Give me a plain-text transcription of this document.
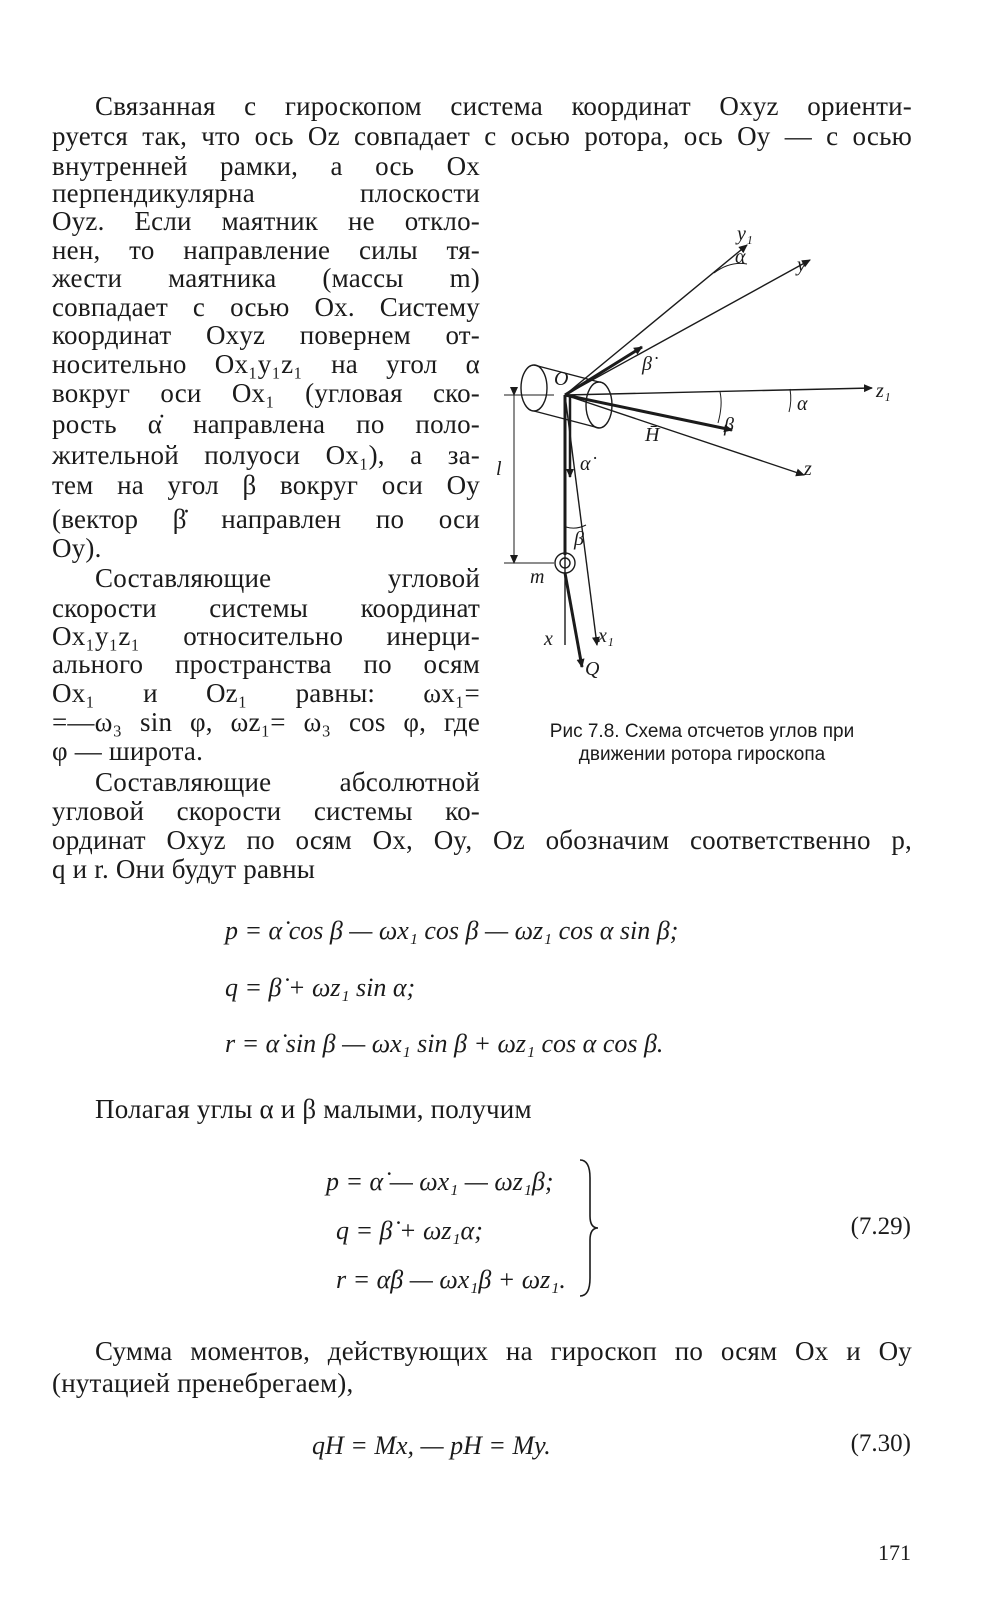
Связанная с гироскопом система координат Oxyz ориенти-
руется так, что ось Oz совпадает с осью ротора, ось Oy — с осью
внутренней рамки, а ось Ox
перпендикулярна плоскости
Oyz. Если маятник не откло-
нен, то направление силы тя-
жести маятника (массы m)
совпадает с осью Ox. Систему
координат Oxyz повернем от-
носительно Ox₁y₁z₁ на угол α
вокруг оси Ox₁ (угловая ско-
рость α̇ направлена по поло-
жительной полуоси Ox₁), а за-
тем на угол β вокруг оси Oy
(вектор β̇ направлен по оси
Oy).
Составляющие угловой
скорости системы координат
Ox₁y₁z₁ относительно инерци-
ального пространства по осям
Ox₁ и Oz₁ равны: ωx₁=
=—ω₃ sin φ, ωz₁= ω₃ cos φ, где
φ — широта.
Составляющие абсолютной
угловой скорости системы ко-
ординат Oxyz по осям Ox, Oy, Oz обозначим соответственно p,
q и r. Они будут равны
y₁
y
α
β̇
O
z₁
α
H̄	β
z
l	α̇
β
m
x x₁
Q
Рис 7.8. Схема отсчетов углов при
движении ротора гироскопа
p = α̇ cos β — ωx₁ cos β — ωz₁ cos α sin β;
q = β̇ + ωz₁ sin α;
r = α̇ sin β — ωx₁ sin β + ωz₁ cos α cos β.
Полагая углы α и β малыми, получим
p = α̇ — ωx₁ — ωz₁β;
q = β̇ + ωz₁α;
r = α̇β — ωx₁β + ωz₁.
(7.29)
Сумма моментов, действующих на гироскоп по осям Ox и Oy
(нутацией пренебрегаем),
qH = Mx, — pH = My.	(7.30)
171
